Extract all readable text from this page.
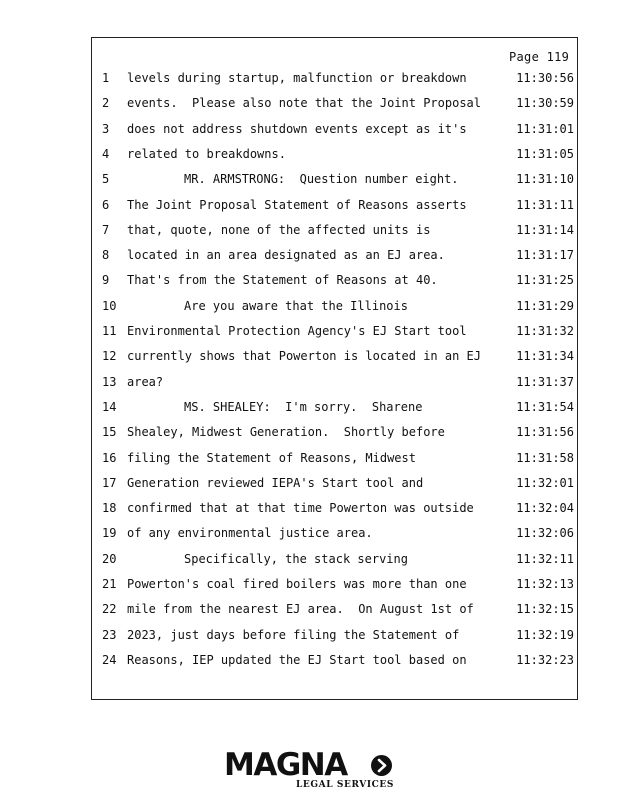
Page 119
1	levels during startup, malfunction or breakdown	11:30:56
2	events.  Please also note that the Joint Proposal	11:30:59
3	does not address shutdown events except as it's	11:31:01
4	related to breakdowns.	11:31:05
5	MR. ARMSTRONG:  Question number eight.	11:31:10
6	The Joint Proposal Statement of Reasons asserts	11:31:11
7	that, quote, none of the affected units is	11:31:14
8	located in an area designated as an EJ area.	11:31:17
9	That's from the Statement of Reasons at 40.	11:31:25
10	Are you aware that the Illinois	11:31:29
11 Environmental Protection Agency's EJ Start tool	11:31:32
12 currently shows that Powerton is located in an EJ	11:31:34
13 area?	11:31:37
14	MS. SHEALEY:  I'm sorry.  Sharene	11:31:54
15 Shealey, Midwest Generation.  Shortly before	11:31:56
16 filing the Statement of Reasons, Midwest	11:31:58
17 Generation reviewed IEPA's Start tool and	11:32:01
18 confirmed that at that time Powerton was outside	11:32:04
19 of any environmental justice area.	11:32:06
20	Specifically, the stack serving	11:32:11
21 Powerton's coal fired boilers was more than one	11:32:13
22 mile from the nearest EJ area.  On August 1st of	11:32:15
23 2023, just days before filing the Statement of	11:32:19
24 Reasons, IEP updated the EJ Start tool based on	11:32:23
MAGNA
LEGAL SERVICES
